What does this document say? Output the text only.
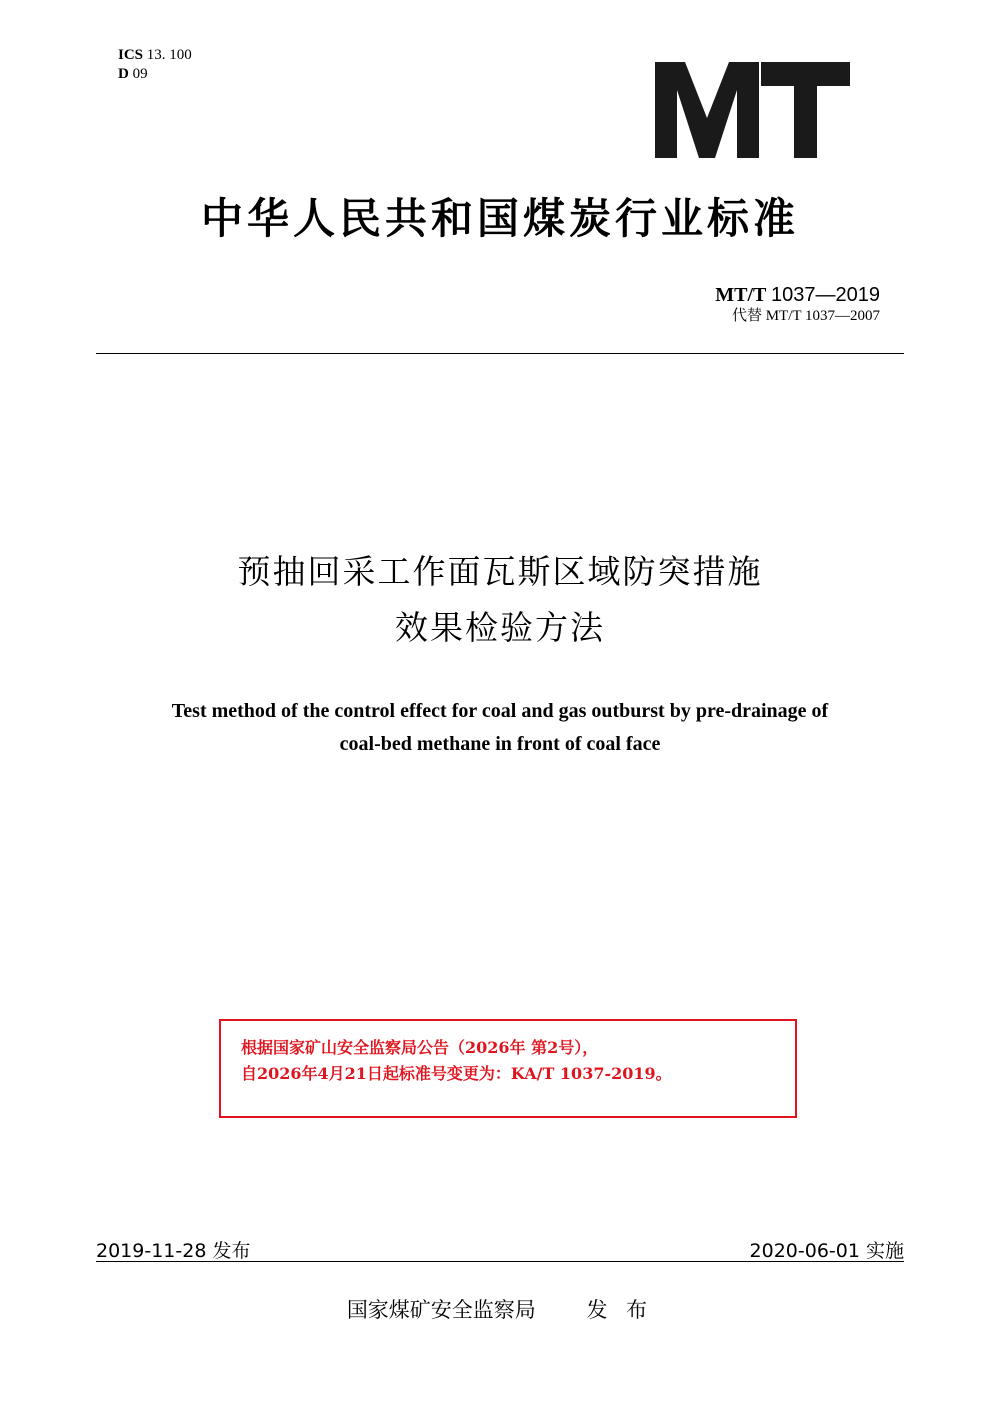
ICS 13. 100
D 09
中华人民共和国煤炭行业标准
MT/T 1037—2019
代替 MT/T 1037—2007
预抽回采工作面瓦斯区域防突措施
效果检验方法
Test method of the control effect for coal and gas outburst by pre-drainage of
coal-bed methane in front of coal face
根据国家矿山安全监察局公告（2026年 第2号），
自2026年4月21日起标准号变更为：KA/T 1037-2019。
2019-11-28 发布	2020-06-01 实施
国家煤矿安全监察局 发 布
